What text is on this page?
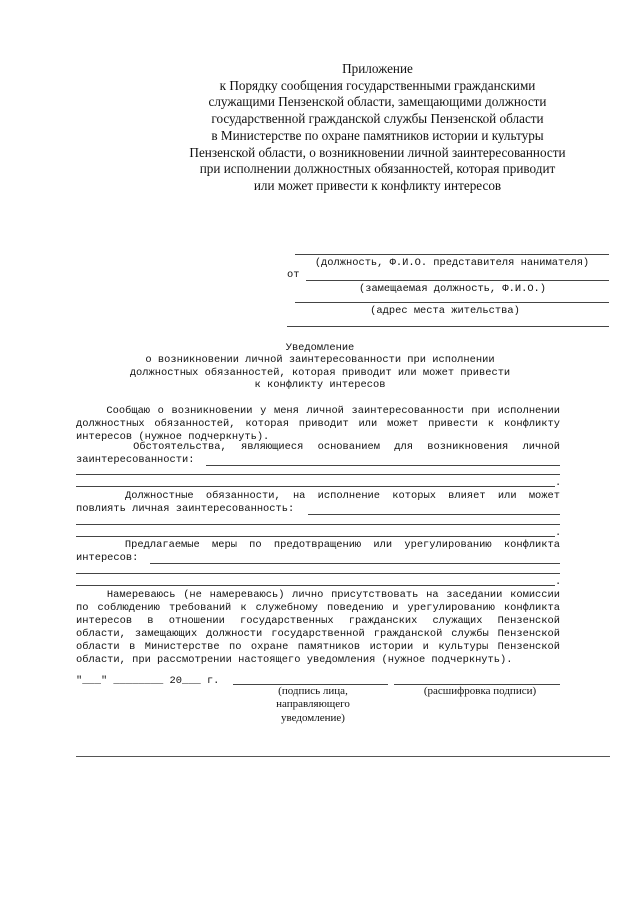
Приложение
к Порядку сообщения государственными гражданскими
служащими Пензенской области, замещающими должности
государственной гражданской службы Пензенской области
в Министерстве по охране памятников истории и культуры
Пензенской области, о возникновении личной заинтересованности
при исполнении должностных обязанностей, которая приводит
или может привести к конфликту интересов
(должность, Ф.И.О. представителя нанимателя)
от
(замещаемая должность, Ф.И.О.)
(адрес места жительства)
Уведомление
о возникновении личной заинтересованности при исполнении
должностных обязанностей, которая приводит или может привести
к конфликту интересов
Сообщаю о возникновении у меня личной заинтересованности при исполнении
должностных обязанностей, которая приводит или может привести к конфликту
интересов (нужное подчеркнуть).
Обстоятельства, являющиеся основанием для возникновения личной
заинтересованности:
.
Должностные обязанности, на исполнение которых влияет или может
повлиять личная заинтересованность:
.
Предлагаемые меры по предотвращению или урегулированию конфликта
интересов:
.
Намереваюсь (не намереваюсь) лично присутствовать на заседании комиссии
по соблюдению требований к служебному поведению и урегулированию конфликта
интересов в отношении государственных гражданских служащих Пензенской
области, замещающих должности государственной гражданской службы Пензенской
области в Министерстве по охране памятников истории и культуры Пензенской
области, при рассмотрении настоящего уведомления (нужное подчеркнуть).
"___" ________ 20___ г.
(подпись лица,
направляющего
уведомление)
(расшифровка подписи)
